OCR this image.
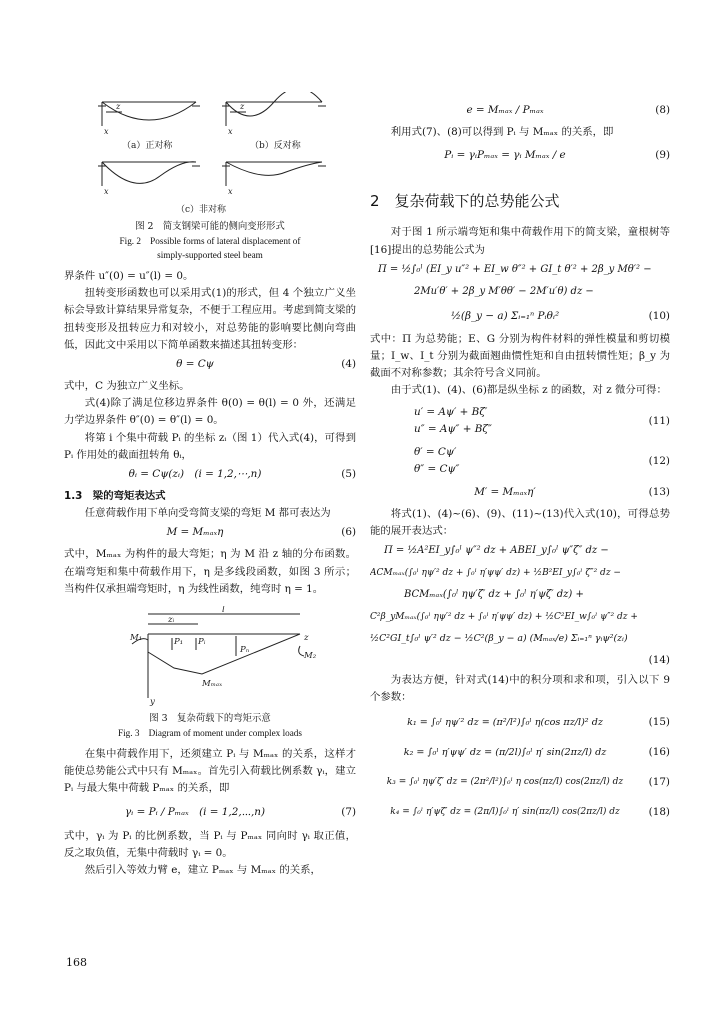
z
x
z
x
x	x
（a）正对称	（b）反对称
（c）非对称

图 2　简支钢梁可能的侧向变形形式

Fig. 2　Possible forms of lateral displacement of

simply-supported steel beam

界条件 u″(0) = u″(l) = 0。

扭转变形函数也可以采用式(1)的形式，但 4 个独立广义坐标会导致计算结果异常复杂，不便于工程应用。考虑到简支梁的扭转变形及扭转应力和对较小，对总势能的影响要比侧向弯曲低，因此文中采用以下简单函数来描述其扭转变形：

θ = Cψ	(4)

式中，C 为独立广义坐标。

式(4)除了满足位移边界条件 θ(0) = θ(l) = 0 外，还满足力学边界条件 θ″(0) = θ″(l) = 0。

将第 i 个集中荷载 Pᵢ 的坐标 zᵢ（图 1）代入式(4)，可得到 Pᵢ 作用处的截面扭转角 θᵢ，

θᵢ = Cψ(zᵢ)　(i = 1,2,⋯,n)	(5)

1.3　梁的弯矩表达式

任意荷载作用下单向受弯简支梁的弯矩 M 都可表达为

M = Mₘₐₓη	(6)

式中，Mₘₐₓ 为构件的最大弯矩；η 为 M 沿 z 轴的分布函数。在端弯矩和集中荷载作用下，η 是多线段函数，如图 3 所示；当构件仅承担端弯矩时，η 为线性函数，纯弯时 η = 1。

l
zᵢ
M₁	P₁ Pᵢ
Pₙ
M₂
y
z
Mₘₐₓ

图 3　复杂荷载下的弯矩示意

Fig. 3　Diagram of moment under complex loads

在集中荷载作用下，还须建立 Pᵢ 与 Mₘₐₓ 的关系，这样才能使总势能公式中只有 Mₘₐₓ。首先引入荷载比例系数 γᵢ，建立 Pᵢ 与最大集中荷载 Pₘₐₓ 的关系，即

γᵢ = Pᵢ / Pₘₐₓ　(i = 1,2,⋯,n)	(7)

式中，γᵢ 为 Pᵢ 的比例系数，当 Pᵢ 与 Pₘₐₓ 同向时 γᵢ 取正值，反之取负值，无集中荷载时 γᵢ = 0。

然后引入等效力臂 e，建立 Pₘₐₓ 与 Mₘₐₓ 的关系，

e = Mₘₐₓ / Pₘₐₓ	(8)

利用式(7)、(8)可以得到 Pᵢ 与 Mₘₐₓ 的关系，即

Pᵢ = γᵢPₘₐₓ = γᵢ Mₘₐₓ / e	(9)
2　复杂荷载下的总势能公式

对于图 1 所示端弯矩和集中荷载作用下的简支梁，童根树等[16]提出的总势能公式为

Π = ½∫₀ˡ (EI_y u″² + EI_w θ″² + GI_t θ′² + 2β_y Mθ′² −
2Mu′θ′ + 2β_y M′θθ′ − 2M′u′θ) dz −
½(β_y − a) Σᵢ₌₁ⁿ Pᵢθᵢ²	(10)

式中：Π 为总势能；E、G 分别为构件材料的弹性模量和剪切模量；I_w、I_t 分别为截面翘曲惯性矩和自由扭转惯性矩；β_y 为截面不对称参数；其余符号含义同前。

由于式(1)、(4)、(6)都是纵坐标 z 的函数，对 z 微分可得：

u′ = Aψ′ + Bζ′
u″ = Aψ″ + Bζ″
(11)
θ′ = Cψ′
θ″ = Cψ″
(12)
M′ = Mₘₐₓη′	(13)

将式(1)、(4)~(6)、(9)、(11)~(13)代入式(10)，可得总势能的展开表达式：

Π = ½A²EI_y∫₀ˡ ψ″² dz + ABEI_y∫₀ˡ ψ″ζ″ dz −
ACMₘₐₓ(∫₀ˡ ηψ′² dz + ∫₀ˡ η′ψψ′ dz) + ½B²EI_y∫₀ˡ ζ″² dz −
BCMₘₐₓ(∫₀ˡ ηψ′ζ′ dz + ∫₀ˡ η′ψζ′ dz) +
C²β_yMₘₐₓ(∫₀ˡ ηψ′² dz + ∫₀ˡ η′ψψ′ dz) + ½C²EI_w∫₀ˡ ψ″² dz +
½C²GI_t∫₀ˡ ψ′² dz − ½C²(β_y − a) (Mₘₐₓ/e) Σᵢ₌₁ⁿ γᵢψ²(zᵢ)
(14)

为表达方便，针对式(14)中的积分项和求和项，引入以下 9 个参数：

k₁ = ∫₀ˡ ηψ′² dz = (π²/l²)∫₀ˡ η(cos πz/l)² dz	(15)
k₂ = ∫₀ˡ η′ψψ′ dz = (π/2l)∫₀ˡ η′ sin(2πz/l) dz	(16)
k₃ = ∫₀ˡ ηψ′ζ′ dz = (2π²/l²)∫₀ˡ η cos(πz/l) cos(2πz/l) dz	(17)
k₄ = ∫₀ˡ η′ψζ′ dz = (2π/l)∫₀ˡ η′ sin(πz/l) cos(2πz/l) dz	(18)
168
